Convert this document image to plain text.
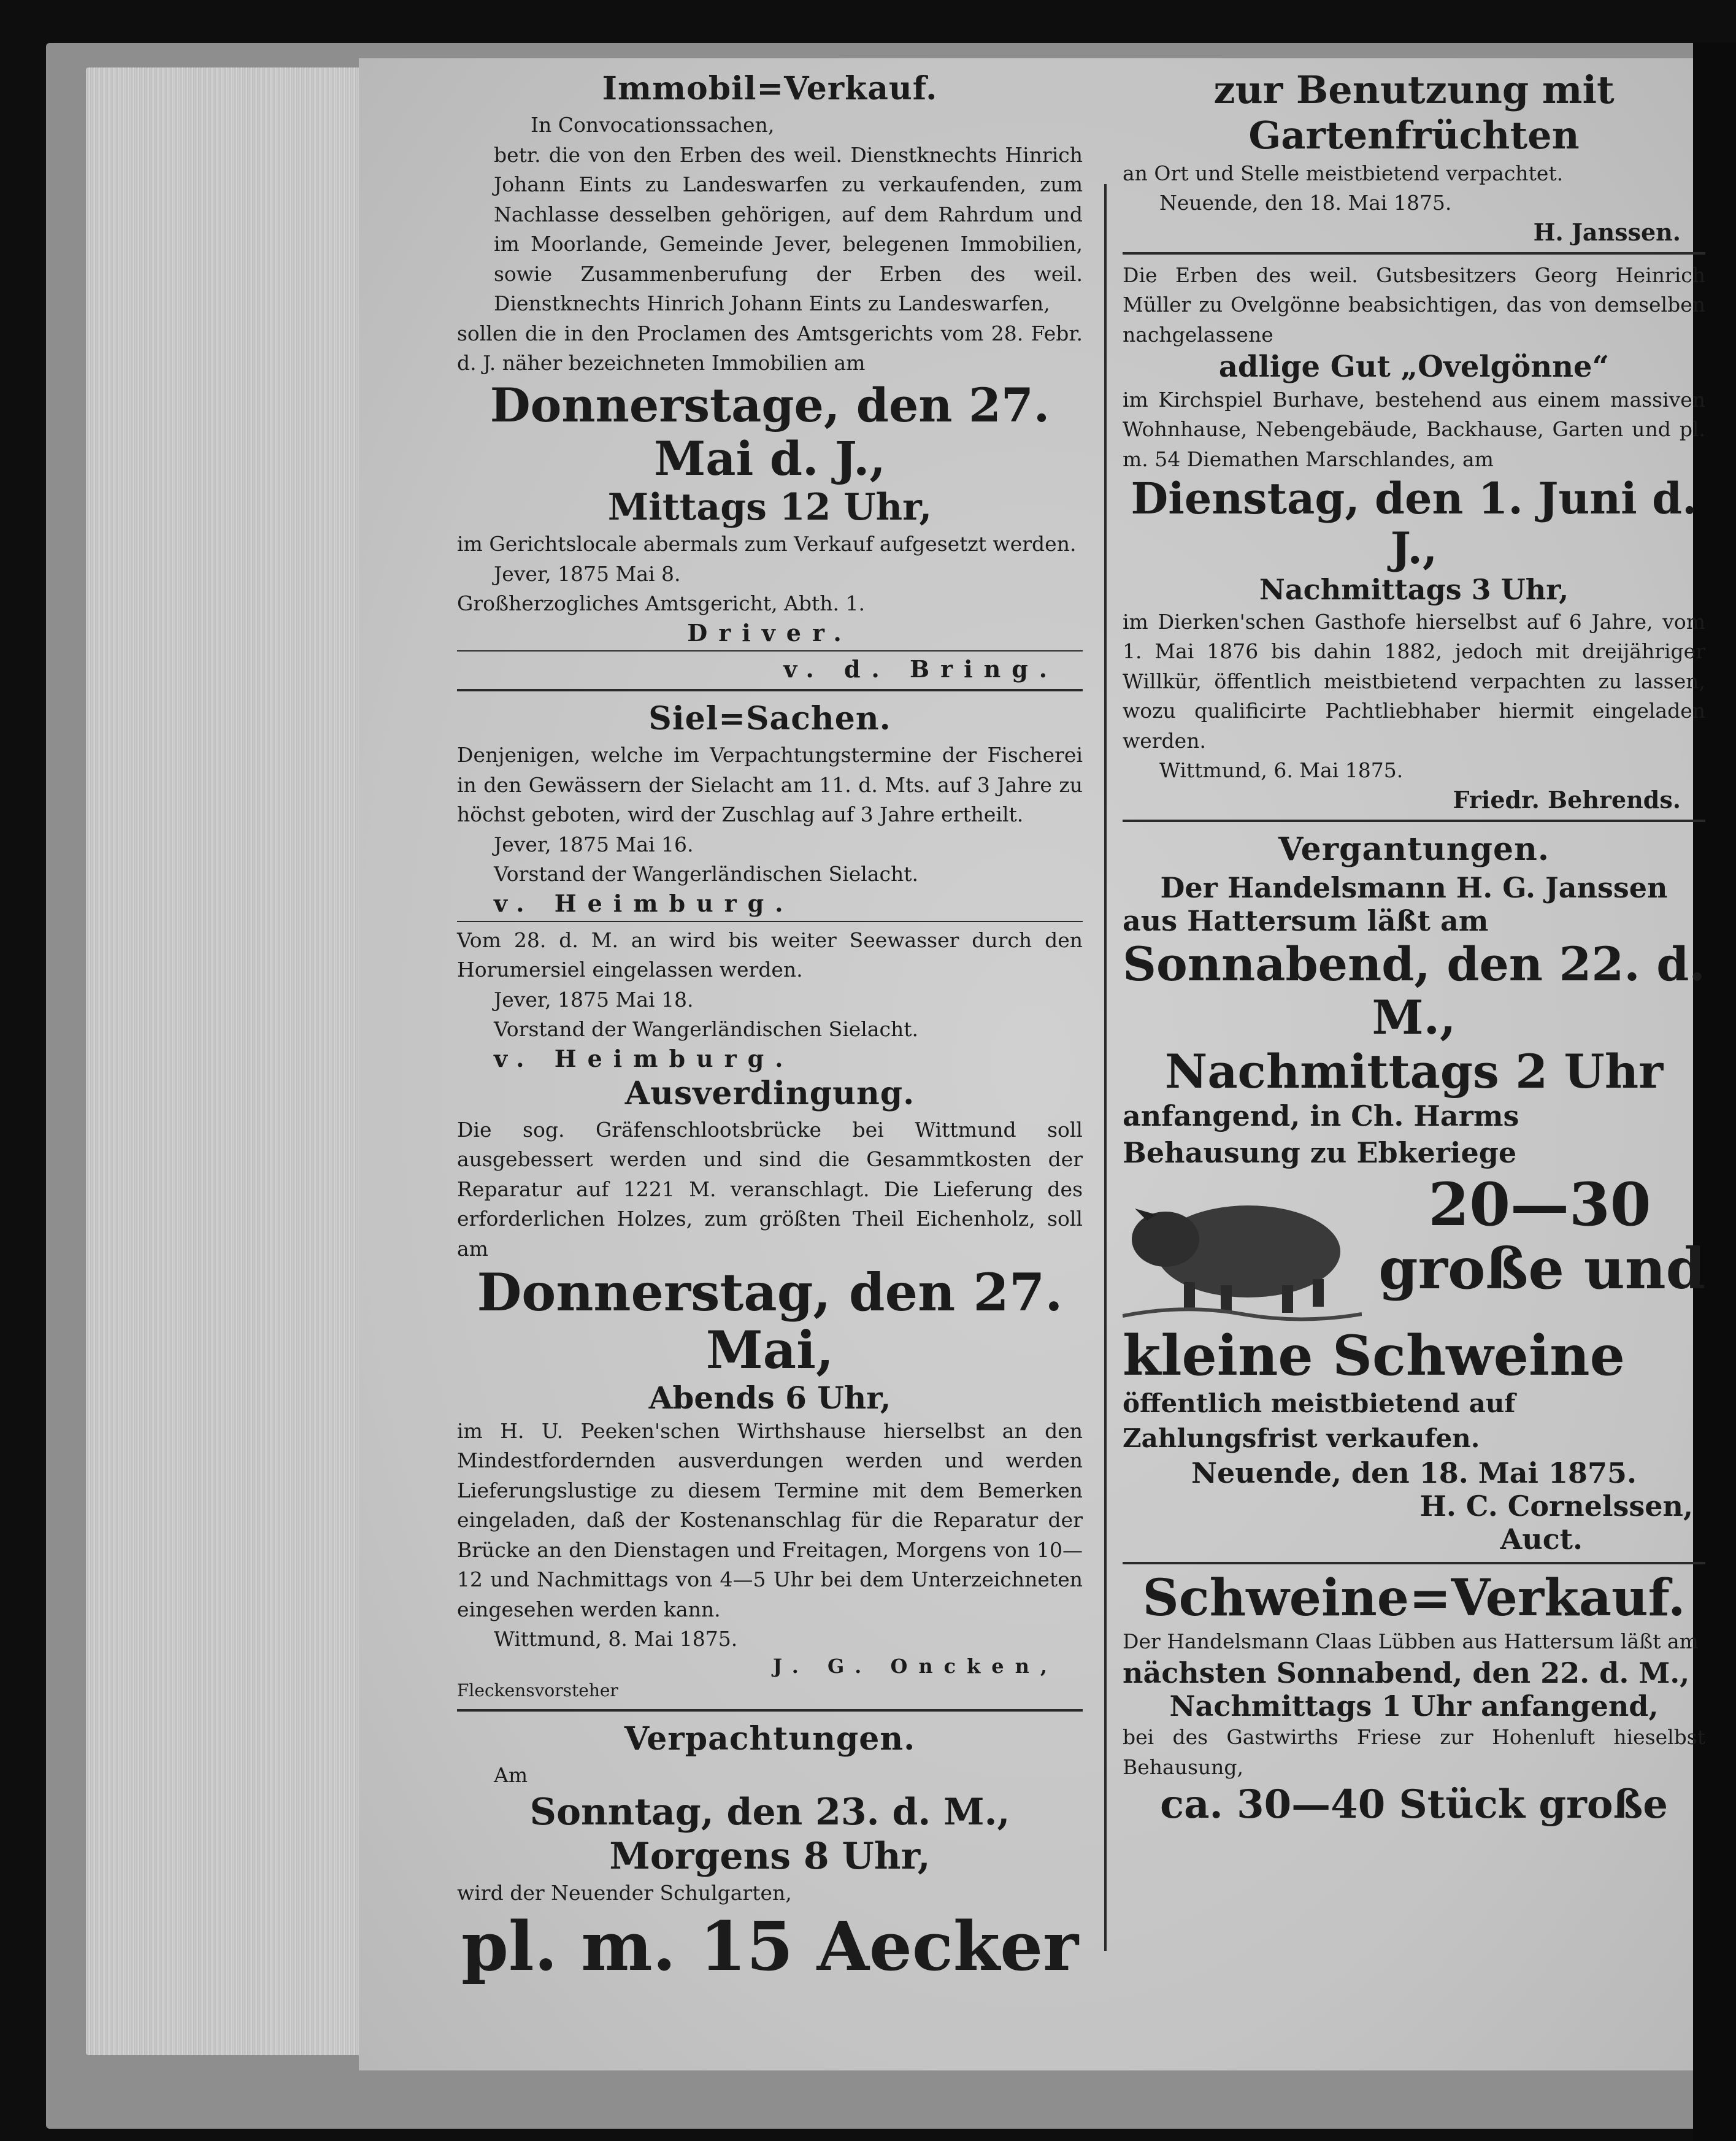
Immobil=Verkauf.

In Convocationssachen,

betr. die von den Erben des weil. Dienstknechts Hinrich Johann Eints zu Landeswarfen zu verkaufenden, zum Nachlasse desselben gehörigen, auf dem Rahrdum und im Moorlande, Gemeinde Jever, belegenen Immobilien, sowie Zusammenberufung der Erben des weil. Dienstknechts Hinrich Johann Eints zu Landeswarfen,

sollen die in den Proclamen des Amtsgerichts vom 28. Febr. d. J. näher bezeichneten Immobilien am

Donnerstage, den 27. Mai d. J.,

Mittags 12 Uhr,

im Gerichtslocale abermals zum Verkauf aufgesetzt werden.

Jever, 1875 Mai 8.

Großherzogliches Amtsgericht, Abth. 1.

Driver.

v. d. Bring.

Siel=Sachen.

Denjenigen, welche im Verpachtungstermine der Fischerei in den Gewässern der Sielacht am 11. d. Mts. auf 3 Jahre zu höchst geboten, wird der Zuschlag auf 3 Jahre ertheilt.

Jever, 1875 Mai 16.

Vorstand der Wangerländischen Sielacht.

v. Heimburg.

Vom 28. d. M. an wird bis weiter Seewasser durch den Horumersiel eingelassen werden.

Jever, 1875 Mai 18.

Vorstand der Wangerländischen Sielacht.

v. Heimburg.

Ausverdingung.

Die sog. Gräfenschlootsbrücke bei Wittmund soll ausgebessert werden und sind die Gesammtkosten der Reparatur auf 1221 M. veranschlagt. Die Lieferung des erforderlichen Holzes, zum größten Theil Eichenholz, soll am

Donnerstag, den 27. Mai,

Abends 6 Uhr,

im H. U. Peeken'schen Wirthshause hierselbst an den Mindestfordernden ausverdungen werden und werden Lieferungslustige zu diesem Termine mit dem Bemerken eingeladen, daß der Kostenanschlag für die Reparatur der Brücke an den Dienstagen und Freitagen, Morgens von 10—12 und Nachmittags von 4—5 Uhr bei dem Unterzeichneten eingesehen werden kann.

Wittmund, 8. Mai 1875.

J. G. Oncken,

Fleckensvorsteher

Verpachtungen.

Am

Sonntag, den 23. d. M.,

Morgens 8 Uhr,

wird der Neuender Schulgarten,

pl. m. 15 Aecker

zur Benutzung mit

Gartenfrüchten

an Ort und Stelle meistbietend verpachtet.

Neuende, den 18. Mai 1875.

H. Janssen.

Die Erben des weil. Gutsbesitzers Georg Heinrich Müller zu Ovelgönne beabsichtigen, das von demselben nachgelassene

adlige Gut „Ovelgönne“

im Kirchspiel Burhave, bestehend aus einem massiven Wohnhause, Nebengebäude, Backhause, Garten und pl. m. 54 Diemathen Marschlandes, am

Dienstag, den 1. Juni d. J.,

Nachmittags 3 Uhr,

im Dierken'schen Gasthofe hierselbst auf 6 Jahre, vom 1. Mai 1876 bis dahin 1882, jedoch mit dreijähriger Willkür, öffentlich meistbietend verpachten zu lassen, wozu qualificirte Pachtliebhaber hiermit eingeladen werden.

Wittmund, 6. Mai 1875.

Friedr. Behrends.

Vergantungen.

Der Handelsmann H. G. Janssen

aus Hattersum läßt am

Sonnabend, den 22. d. M.,

Nachmittags 2 Uhr

anfangend, in Ch. Harms Behausung zu Ebkeriege

20—30

große und

kleine Schweine

öffentlich meistbietend auf Zahlungsfrist verkaufen.

Neuende, den 18. Mai 1875.

H. C. Cornelssen,

Auct.

Schweine=Verkauf.

Der Handelsmann Claas Lübben aus Hattersum läßt am

nächsten Sonnabend, den 22. d. M.,

Nachmittags 1 Uhr anfangend,

bei des Gastwirths Friese zur Hohenluft hieselbst Behausung,

ca. 30—40 Stück große
